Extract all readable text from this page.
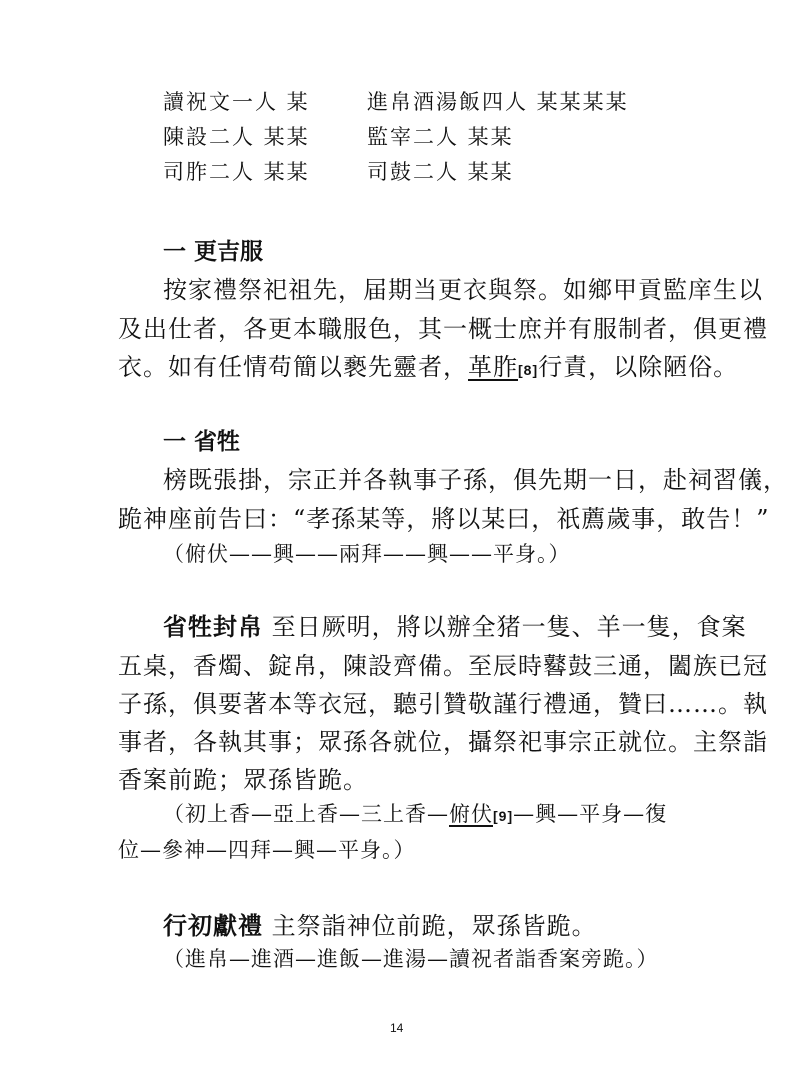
讀祝文一人 某	進帛酒湯飯四人 某某某某
陳設二人 某某	監宰二人 某某
司胙二人 某某	司鼓二人 某某
一 更吉服
按家禮祭祀祖先，届期当更衣與祭。如鄉甲貢監庠生以
及出仕者，各更本職服色，其一概士庶并有服制者，俱更禮
衣。如有任情苟簡以褻先靈者，革胙[8]行責，以除陋俗。
一 省牲
榜既張掛，宗正并各執事子孫，俱先期一日，赴祠習儀，
跪神座前告曰：“孝孫某等，將以某曰，祇薦歲事，敢告！”
（俯伏——興——兩拜——興——平身。）
省牲封帛 至日厥明，將以辦全猪一隻、羊一隻，食案
五桌，香燭、錠帛，陳設齊備。至辰時鼛鼓三通，闔族已冠
子孫，俱要著本等衣冠，聽引贊敬謹行禮通，贊曰……。執
事者，各執其事；眾孫各就位，攝祭祀事宗正就位。主祭詣
香案前跪；眾孫皆跪。
（初上香—亞上香—三上香—俯伏[9]—興—平身—復
位—參神—四拜—興—平身。）
行初獻禮 主祭詣神位前跪，眾孫皆跪。
（進帛—進酒—進飯—進湯—讀祝者詣香案旁跪。）
14
